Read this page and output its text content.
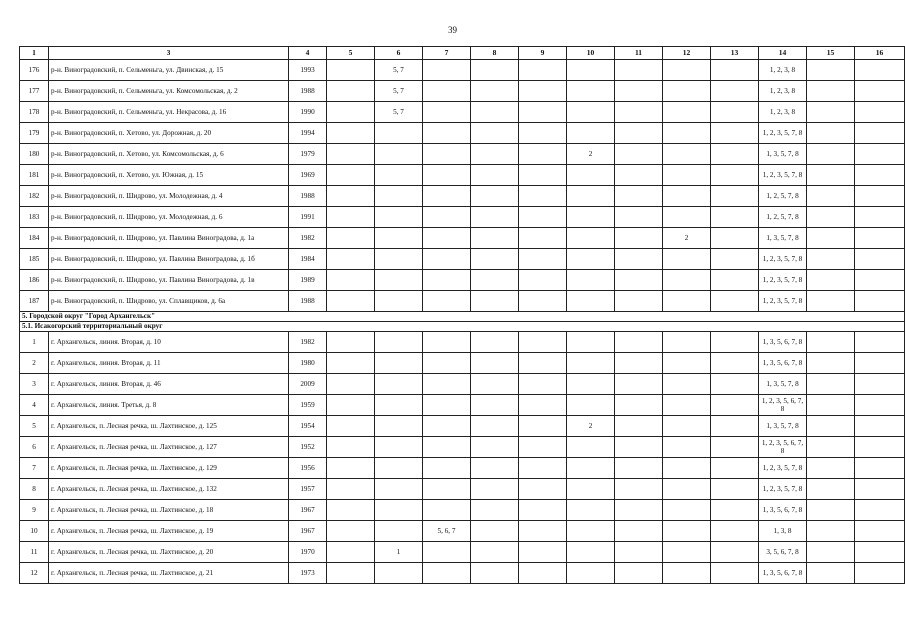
39
1	3	4	5	6	7	8	9	10	11	12	13	14	15	16
176	р-н. Виноградовский, п. Сельменьга, ул. Двинская, д. 15	1993		5, 7								1, 2, 3, 8		
177	р-н. Виноградовский, п. Сельменьга, ул. Комсомольская, д. 2	1988		5, 7								1, 2, 3, 8		
178	р-н. Виноградовский, п. Сельменьга, ул. Некрасова, д. 16	1990		5, 7								1, 2, 3, 8		
179	р-н. Виноградовский, п. Хетово, ул. Дорожная, д. 20	1994										1, 2, 3, 5, 7, 8		
180	р-н. Виноградовский, п. Хетово, ул. Комсомольская, д. 6	1979						2				1, 3, 5, 7, 8		
181	р-н. Виноградовский, п. Хетово, ул. Южная, д. 15	1969										1, 2, 3, 5, 7, 8		
182	р-н. Виноградовский, п. Шидрово, ул. Молодежная, д. 4	1988										1, 2, 5, 7, 8		
183	р-н. Виноградовский, п. Шидрово, ул. Молодежная, д. 6	1991										1, 2, 5, 7, 8		
184	р-н. Виноградовский, п. Шидрово, ул. Павлина Виноградова, д. 1а	1982								2		1, 3, 5, 7, 8		
185	р-н. Виноградовский, п. Шидрово, ул. Павлина Виноградова, д. 1б	1984										1, 2, 3, 5, 7, 8		
186	р-н. Виноградовский, п. Шидрово, ул. Павлина Виноградова, д. 1в	1989										1, 2, 3, 5, 7, 8		
187	р-н. Виноградовский, п. Шидрово, ул. Сплавщиков, д. 6а	1988										1, 2, 3, 5, 7, 8		
5. Городской округ "Город Архангельск"														
5.1. Исакогорский территориальный округ														
1	г. Архангельск, линия. Вторая, д. 10	1982										1, 3, 5, 6, 7, 8		
2	г. Архангельск, линия. Вторая, д. 11	1980										1, 3, 5, 6, 7, 8		
3	г. Архангельск, линия. Вторая, д. 46	2009										1, 3, 5, 7, 8		
4	г. Архангельск, линия. Третья, д. 8	1959										1, 2, 3, 5, 6, 7, 8		
5	г. Архангельск, п. Лесная речка, ш. Лахтинское, д. 125	1954						2				1, 3, 5, 7, 8		
6	г. Архангельск, п. Лесная речка, ш. Лахтинское, д. 127	1952										1, 2, 3, 5, 6, 7, 8		
7	г. Архангельск, п. Лесная речка, ш. Лахтинское, д. 129	1956										1, 2, 3, 5, 7, 8		
8	г. Архангельск, п. Лесная речка, ш. Лахтинское, д. 132	1957										1, 2, 3, 5, 7, 8		
9	г. Архангельск, п. Лесная речка, ш. Лахтинское, д. 18	1967										1, 3, 5, 6, 7, 8		
10	г. Архангельск, п. Лесная речка, ш. Лахтинское, д. 19	1967			5, 6, 7							1, 3, 8		
11	г. Архангельск, п. Лесная речка, ш. Лахтинское, д. 20	1970		1								3, 5, 6, 7, 8		
12	г. Архангельск, п. Лесная речка, ш. Лахтинское, д. 21	1973										1, 3, 5, 6, 7, 8		
